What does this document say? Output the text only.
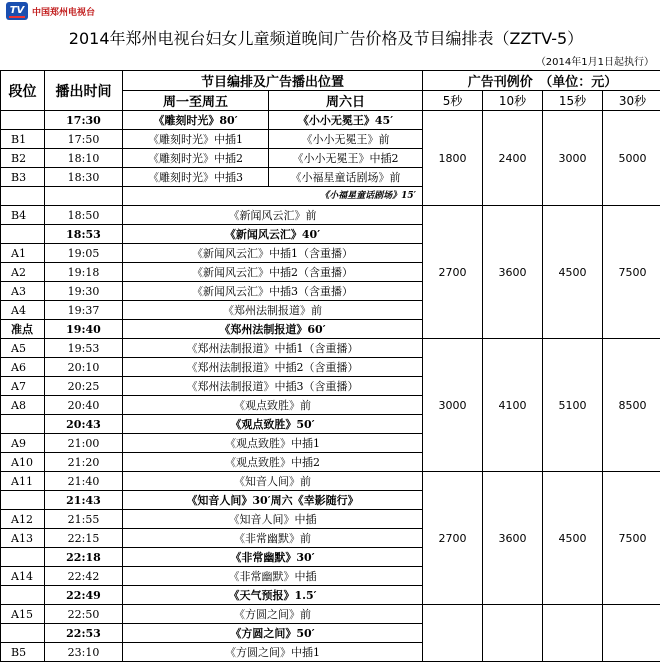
TV 中国郑州电视台
2014年郑州电视台妇女儿童频道晚间广告价格及节目编排表（ZZTV-5）
（2014年1月1日起执行）
段位	播出时间	节目编排及广告播出位置		广告刊例价　（单位：元）			
		周一至周五	周六日	5秒	10秒	15秒	30秒
	17:30	《雕刻时光》80′	《小小无冕王》45′	1800	2400	3000	5000
B1	17:50	《雕刻时光》中插1	《小小无冕王》前				
B2	18:10	《雕刻时光》中插2	《小小无冕王》中插2				
B3	18:30	《雕刻时光》中插3	《小福星童话剧场》前				
		《小福星童话剧场》15′					
B4	18:50	《新闻风云汇》前		2700	3600	4500	7500
	18:53	《新闻风云汇》40′					
A1	19:05	《新闻风云汇》中插1（含重播）					
A2	19:18	《新闻风云汇》中插2（含重播）					
A3	19:30	《新闻风云汇》中插3（含重播）					
A4	19:37	《郑州法制报道》前					
准点	19:40	《郑州法制报道》60′					
A5	19:53	《郑州法制报道》中插1（含重播）		3000	4100	5100	8500
A6	20:10	《郑州法制报道》中插2（含重播）					
A7	20:25	《郑州法制报道》中插3（含重播）					
A8	20:40	《观点致胜》前					
	20:43	《观点致胜》50′					
A9	21:00	《观点致胜》中插1					
A10	21:20	《观点致胜》中插2					
A11	21:40	《知音人间》前		2700	3600	4500	7500
	21:43	《知音人间》30′周六《幸影随行》					
A12	21:55	《知音人间》中插					
A13	22:15	《非常幽默》前					
	22:18	《非常幽默》30′					
A14	22:42	《非常幽默》中插					
	22:49	《天气预报》1.5′					
A15	22:50	《方圆之间》前					
	22:53	《方圆之间》50′					
B5	23:10	《方圆之间》中插1					
